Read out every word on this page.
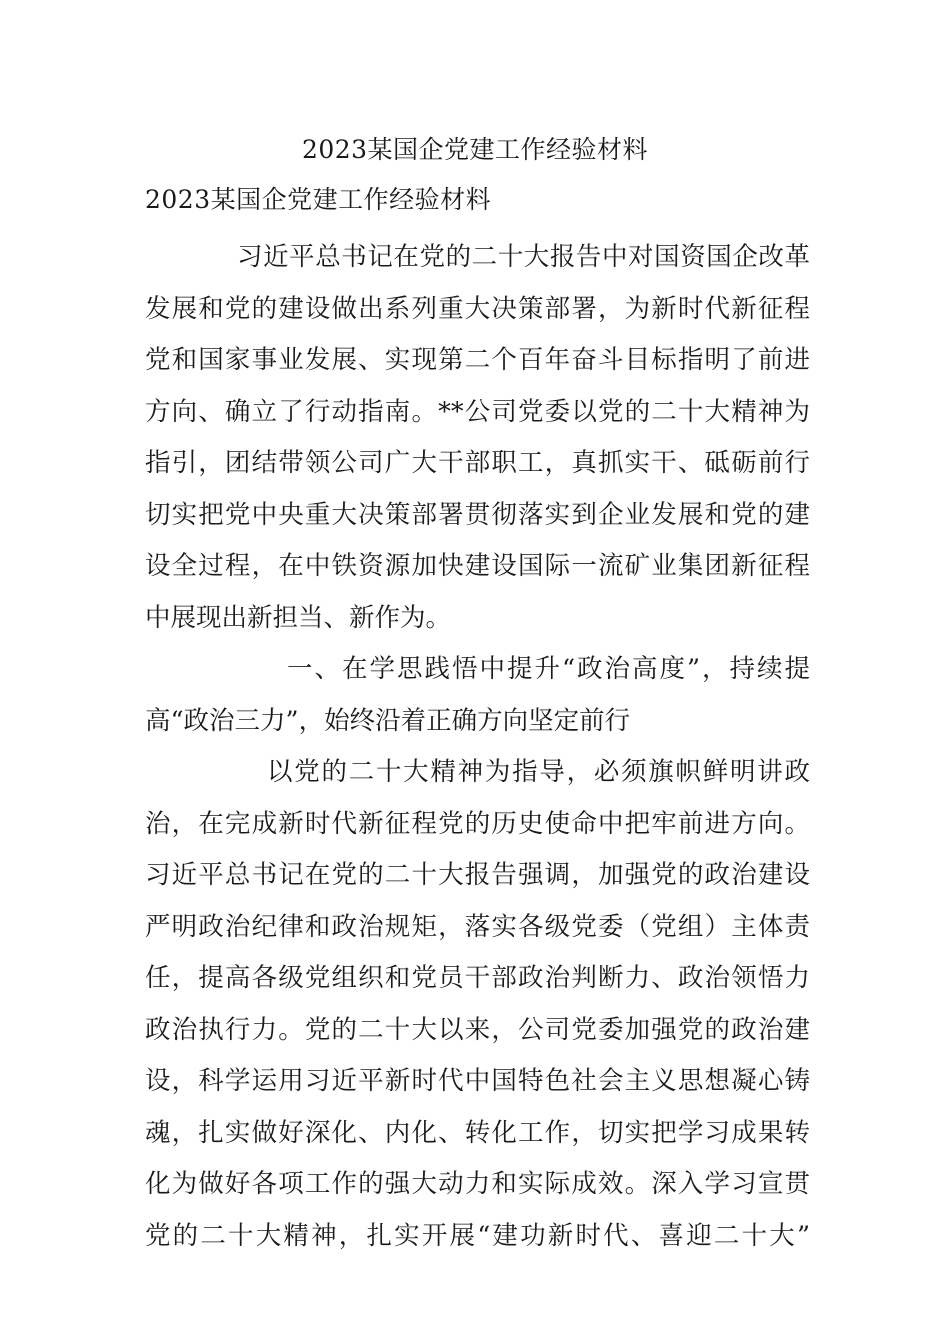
2023某国企党建工作经验材料
2023某国企党建工作经验材料
习近平总书记在党的二十大报告中对国资国企改革
发展和党的建设做出系列重大决策部署，为新时代新征程
党和国家事业发展、实现第二个百年奋斗目标指明了前进
方向、确立了行动指南。**公司党委以党的二十大精神为
指引，团结带领公司广大干部职工，真抓实干、砥砺前行
切实把党中央重大决策部署贯彻落实到企业发展和党的建
设全过程，在中铁资源加快建设国际一流矿业集团新征程
中展现出新担当、新作为。
一、在学思践悟中提升“政治高度”，持续提
高“政治三力”，始终沿着正确方向坚定前行
以党的二十大精神为指导，必须旗帜鲜明讲政
治，在完成新时代新征程党的历史使命中把牢前进方向。
习近平总书记在党的二十大报告强调，加强党的政治建设
严明政治纪律和政治规矩，落实各级党委（党组）主体责
任，提高各级党组织和党员干部政治判断力、政治领悟力
政治执行力。党的二十大以来，公司党委加强党的政治建
设，科学运用习近平新时代中国特色社会主义思想凝心铸
魂，扎实做好深化、内化、转化工作，切实把学习成果转
化为做好各项工作的强大动力和实际成效。深入学习宣贯
党的二十大精神，扎实开展“建功新时代、喜迎二十大”
